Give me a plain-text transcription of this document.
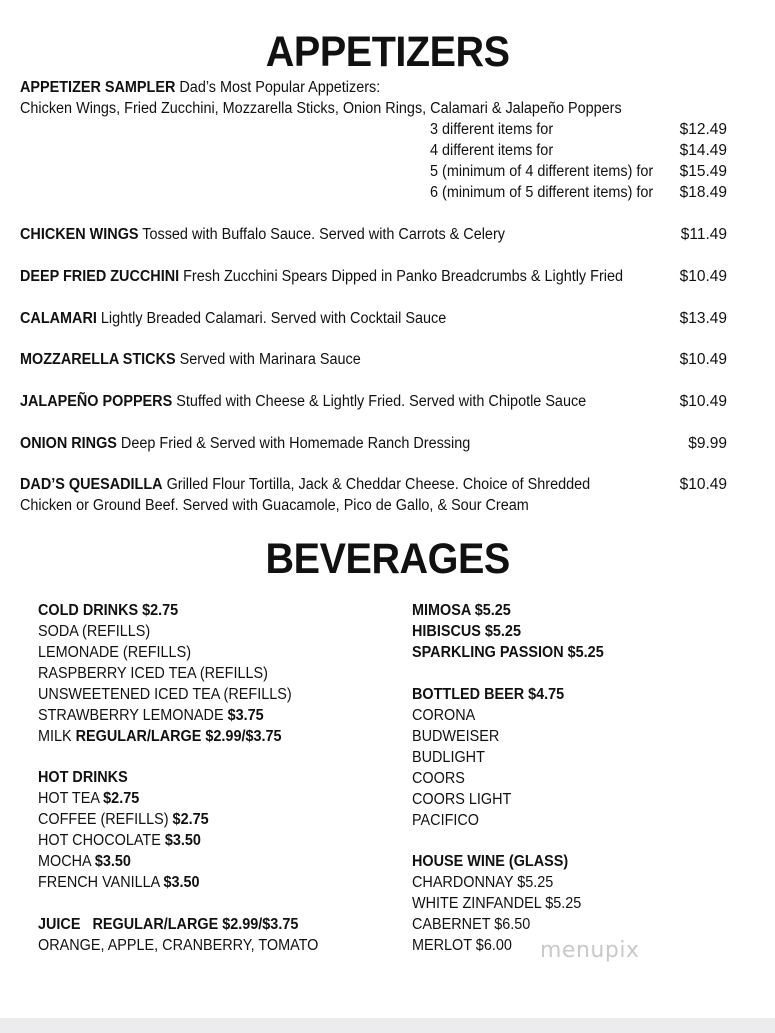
APPETIZERS
APPETIZER SAMPLER Dad’s Most Popular Appetizers:
Chicken Wings, Fried Zucchini, Mozzarella Sticks, Onion Rings, Calamari & Jalapeño Poppers
3 different items for	$12.49
4 different items for	$14.49
5 (minimum of 4 different items) for $15.49
6 (minimum of 5 different items) for $18.49
CHICKEN WINGS Tossed with Buffalo Sauce. Served with Carrots & Celery	$11.49
DEEP FRIED ZUCCHINI Fresh Zucchini Spears Dipped in Panko Breadcrumbs & Lightly Fried	$10.49
CALAMARI Lightly Breaded Calamari. Served with Cocktail Sauce	$13.49
MOZZARELLA STICKS Served with Marinara Sauce	$10.49
JALAPEÑO POPPERS Stuffed with Cheese & Lightly Fried. Served with Chipotle Sauce	$10.49
ONION RINGS Deep Fried & Served with Homemade Ranch Dressing	$9.99
DAD’S QUESADILLA Grilled Flour Tortilla, Jack & Cheddar Cheese. Choice of Shredded
Chicken or Ground Beef. Served with Guacamole, Pico de Gallo, & Sour Cream
$10.49
BEVERAGES
COLD DRINKS $2.75
SODA (REFILLS)
LEMONADE (REFILLS)
RASPBERRY ICED TEA (REFILLS)
UNSWEETENED ICED TEA (REFILLS)
STRAWBERRY LEMONADE $3.75
MILK REGULAR/LARGE $2.99/$3.75
HOT DRINKS
HOT TEA $2.75
COFFEE (REFILLS) $2.75
HOT CHOCOLATE $3.50
MOCHA $3.50
FRENCH VANILLA $3.50
JUICE   REGULAR/LARGE $2.99/$3.75
ORANGE, APPLE, CRANBERRY, TOMATO
MIMOSA $5.25
HIBISCUS $5.25
SPARKLING PASSION $5.25
BOTTLED BEER $4.75
CORONA
BUDWEISER
BUDLIGHT
COORS
COORS LIGHT
PACIFICO
HOUSE WINE (GLASS)
CHARDONNAY $5.25
WHITE ZINFANDEL $5.25
CABERNET $6.50
MERLOT $6.00 menupix
